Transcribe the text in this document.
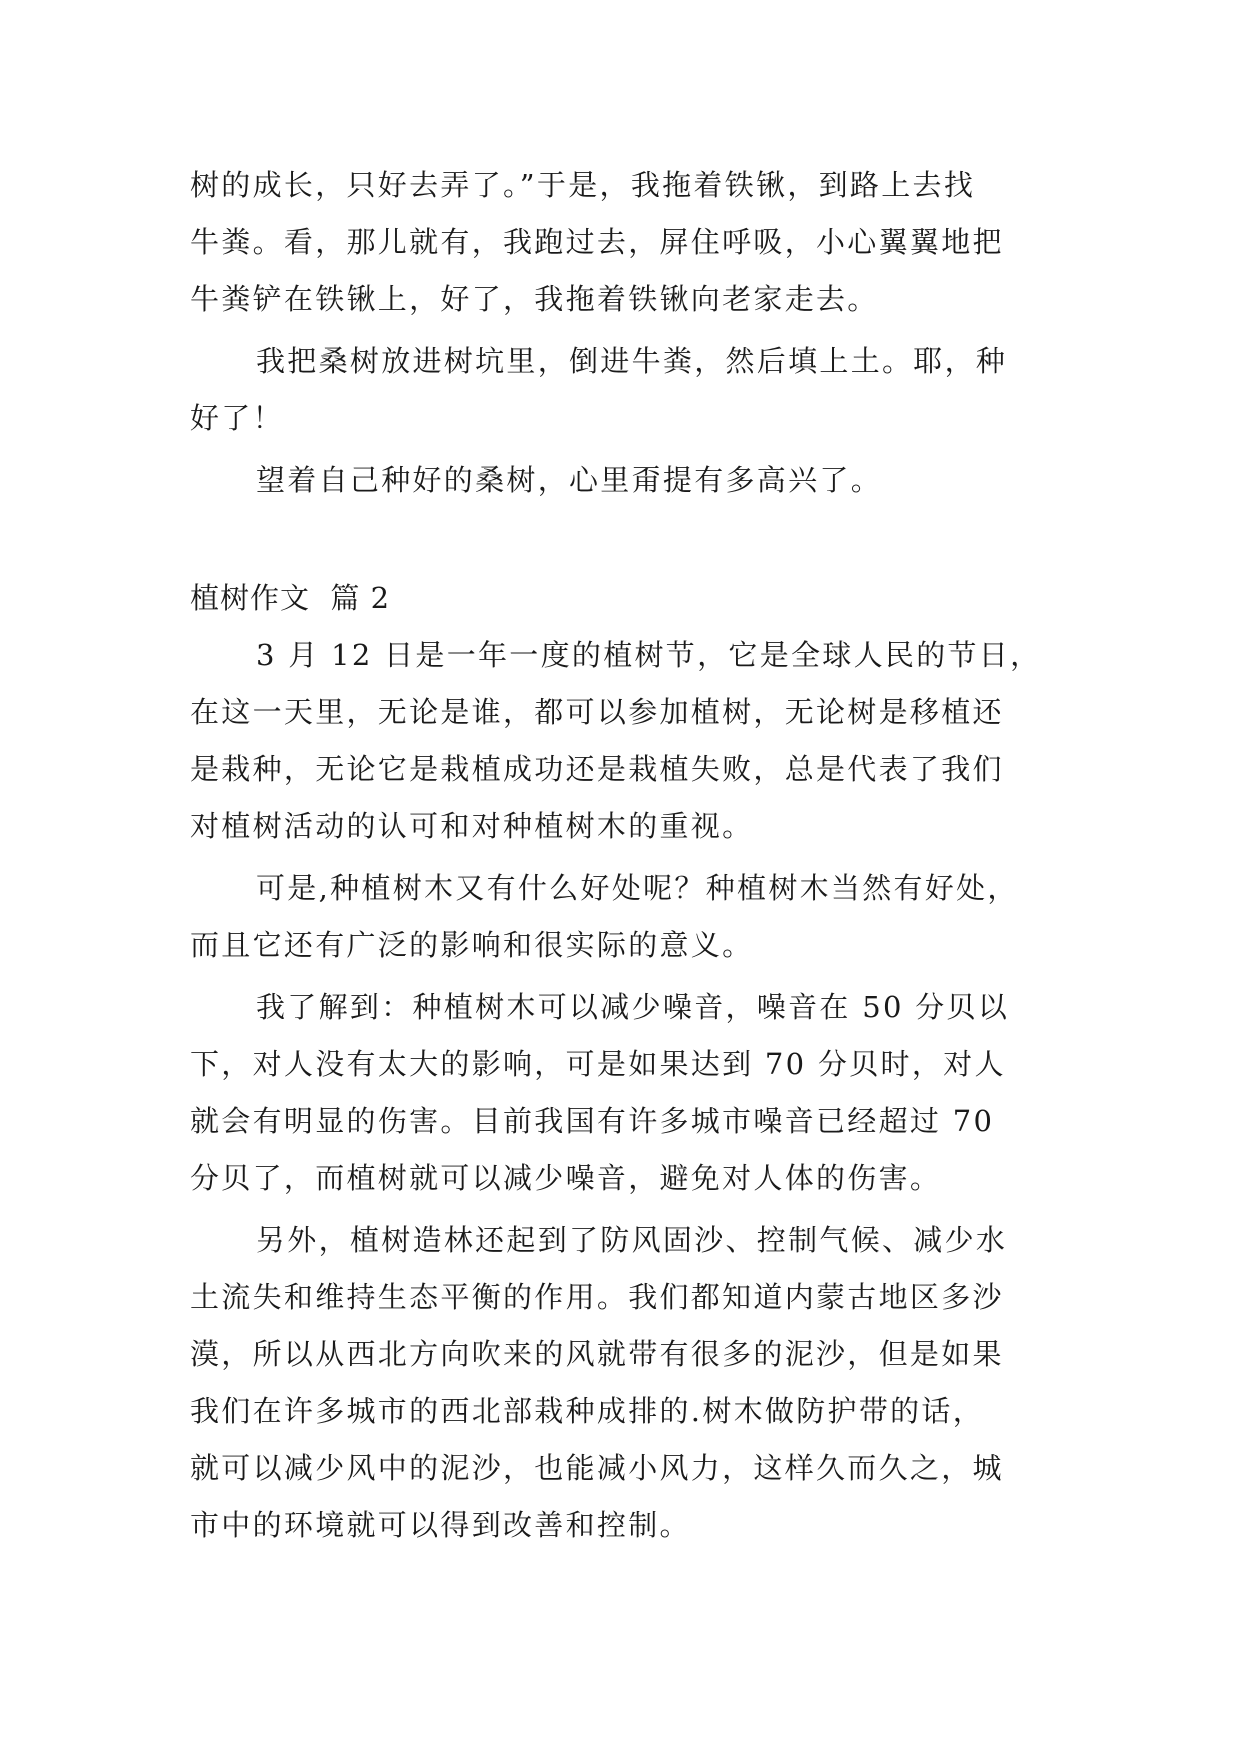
树的成长，只好去弄了。”于是，我拖着铁锹，到路上去找
牛粪。看，那儿就有，我跑过去，屏住呼吸，小心翼翼地把
牛粪铲在铁锹上，好了，我拖着铁锹向老家走去。
我把桑树放进树坑里，倒进牛粪，然后填上土。耶，种
好了！
望着自己种好的桑树，心里甭提有多高兴了。
植树作文  篇 2
3 月 12 日是一年一度的植树节，它是全球人民的节日，
在这一天里，无论是谁，都可以参加植树，无论树是移植还
是栽种，无论它是栽植成功还是栽植失败，总是代表了我们
对植树活动的认可和对种植树木的重视。
可是,种植树木又有什么好处呢？种植树木当然有好处，
而且它还有广泛的影响和很实际的意义。
我了解到：种植树木可以减少噪音，噪音在 50 分贝以
下，对人没有太大的影响，可是如果达到 70 分贝时，对人
就会有明显的伤害。目前我国有许多城市噪音已经超过 70
分贝了，而植树就可以减少噪音，避免对人体的伤害。
另外，植树造林还起到了防风固沙、控制气候、减少水
土流失和维持生态平衡的作用。我们都知道内蒙古地区多沙
漠，所以从西北方向吹来的风就带有很多的泥沙，但是如果
我们在许多城市的西北部栽种成排的.树木做防护带的话，
就可以减少风中的泥沙，也能减小风力，这样久而久之，城
市中的环境就可以得到改善和控制。
